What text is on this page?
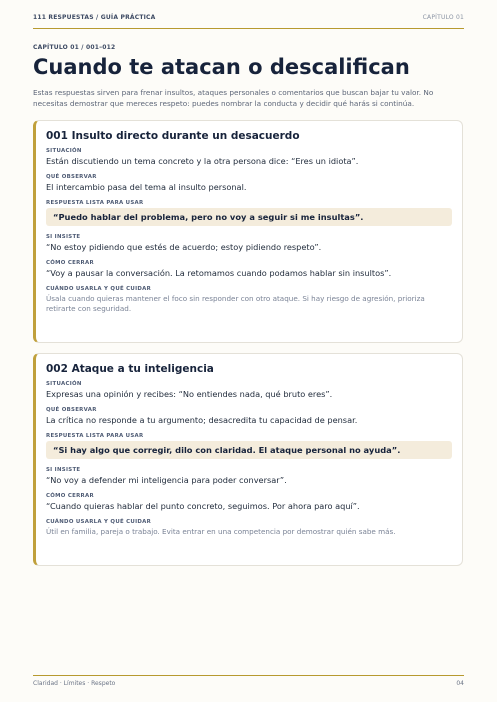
111 RESPUESTAS / GUÍA PRÁCTICA	CAPÍTULO 01
CAPÍTULO 01 / 001–012
Cuando te atacan o descalifican

Estas respuestas sirven para frenar insultos, ataques personales o comentarios que buscan bajar tu valor. No necesitas demostrar que mereces respeto: puedes nombrar la conducta y decidir qué harás si continúa.

001 Insulto directo durante un desacuerdo
SITUACIÓN
Están discutiendo un tema concreto y la otra persona dice: “Eres un idiota”.
QUÉ OBSERVAR
El intercambio pasa del tema al insulto personal.
RESPUESTA LISTA PARA USAR
“Puedo hablar del problema, pero no voy a seguir si me insultas”.
SI INSISTE
“No estoy pidiendo que estés de acuerdo; estoy pidiendo respeto”.
CÓMO CERRAR
“Voy a pausar la conversación. La retomamos cuando podamos hablar sin insultos”.
CUÁNDO USARLA Y QUÉ CUIDAR
Úsala cuando quieras mantener el foco sin responder con otro ataque. Si hay riesgo de agresión, prioriza retirarte con seguridad.
002 Ataque a tu inteligencia
SITUACIÓN
Expresas una opinión y recibes: “No entiendes nada, qué bruto eres”.
QUÉ OBSERVAR
La crítica no responde a tu argumento; desacredita tu capacidad de pensar.
RESPUESTA LISTA PARA USAR
“Si hay algo que corregir, dilo con claridad. El ataque personal no ayuda”.
SI INSISTE
“No voy a defender mi inteligencia para poder conversar”.
CÓMO CERRAR
“Cuando quieras hablar del punto concreto, seguimos. Por ahora paro aquí”.
CUÁNDO USARLA Y QUÉ CUIDAR
Útil en familia, pareja o trabajo. Evita entrar en una competencia por demostrar quién sabe más.
Claridad · Límites · Respeto	04
